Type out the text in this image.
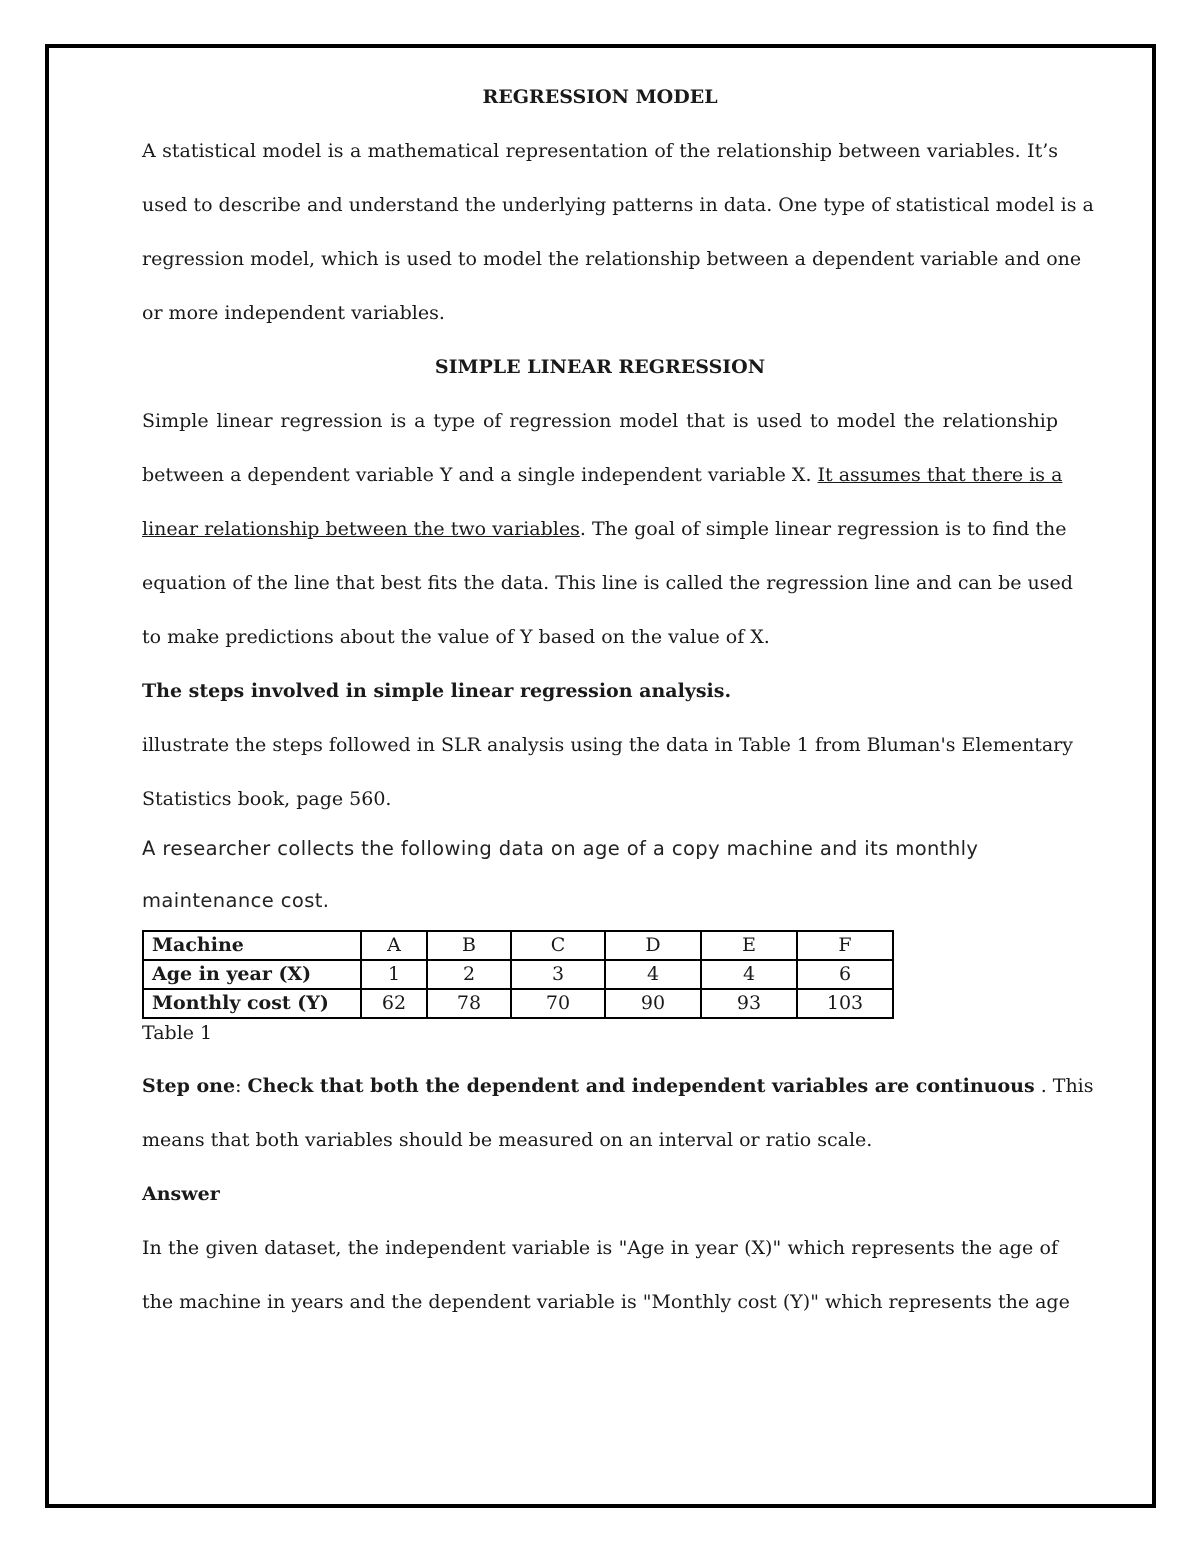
REGRESSION MODEL
A statistical model is a mathematical representation of the relationship between variables. It’s
used to describe and understand the underlying patterns in data. One type of statistical model is a
regression model, which is used to model the relationship between a dependent variable and one
or more independent variables.
SIMPLE LINEAR REGRESSION
Simple linear regression is a type of regression model that is used to model the relationship
between a dependent variable Y and a single independent variable X. It assumes that there is a
linear relationship between the two variables. The goal of simple linear regression is to find the
equation of the line that best fits the data. This line is called the regression line and can be used
to make predictions about the value of Y based on the value of X.
The steps involved in simple linear regression analysis.
illustrate the steps followed in SLR analysis using the data in Table 1 from Bluman's Elementary
Statistics book, page 560.
A researcher collects the following data on age of a copy machine and its monthly
maintenance cost.
Machine	A	B	C	D	E	F
Age in year (X)	1	2	3	4	4	6
Monthly cost (Y)	62	78	70	90	93	103
Table 1
Step one: Check that both the dependent and independent variables are continuous . This
means that both variables should be measured on an interval or ratio scale.
Answer
In the given dataset, the independent variable is "Age in year (X)" which represents the age of
the machine in years and the dependent variable is "Monthly cost (Y)" which represents the age
